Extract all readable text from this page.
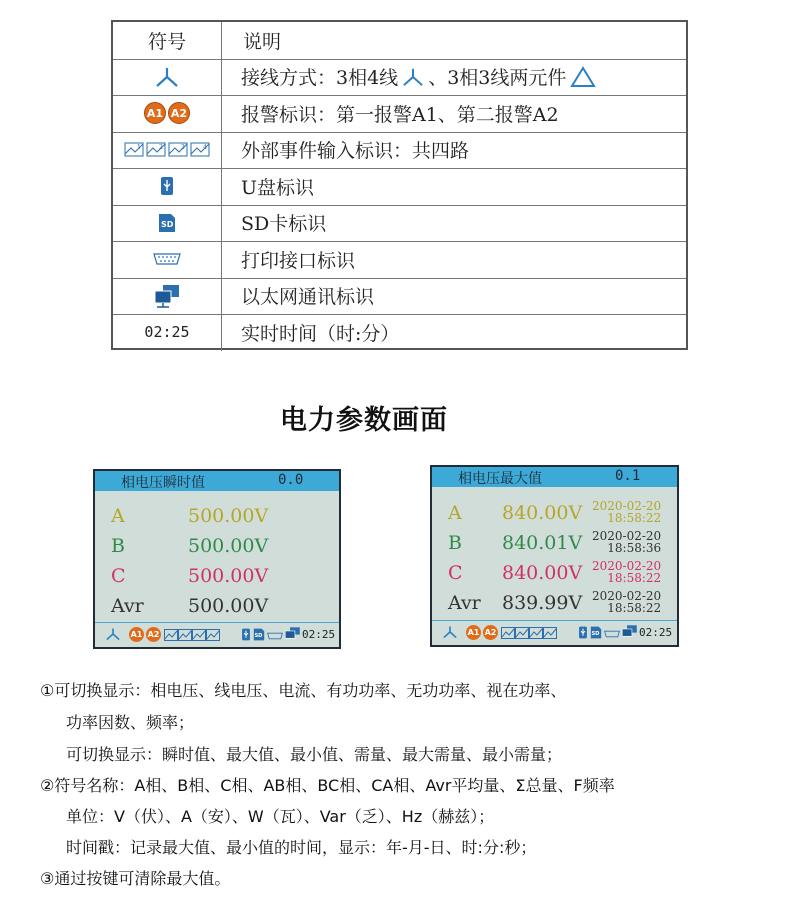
符号	说明
接线方式：3相4线 、3相3线两元件
A1 A2	报警标识：第一报警A1、第二报警A2
1	2	3	4 外部事件输入标识：共四路
U盘标识
SD	SD卡标识
打印接口标识
以太网通讯标识
02:25	实时时间（时:分）
电力参数画面
相电压瞬时值	0.0
A	500.00V
B	500.00V
C	500.00V
Avr 500.00V
A1 A2	SD	02:25
相电压最大值	0.1
A 840.00V 2020-02-20
18:58:22
B 840.01V 2020-02-20
18:58:36
C 840.00V 2020-02-20
18:58:22
Avr 839.99V 2020-02-20
18:58:22
A1 A2	SD	02:25
①可切换显示：相电压、线电压、电流、有功功率、无功功率、视在功率、
功率因数、频率；
可切换显示：瞬时值、最大值、最小值、需量、最大需量、最小需量；
②符号名称：A相、B相、C相、AB相、BC相、CA相、Avr平均量、Σ总量、F频率
单位：V（伏）、A（安）、W（瓦）、Var（乏）、Hz（赫兹）；
时间戳：记录最大值、最小值的时间，显示：年-月-日、时:分:秒；
③通过按键可清除最大值。
